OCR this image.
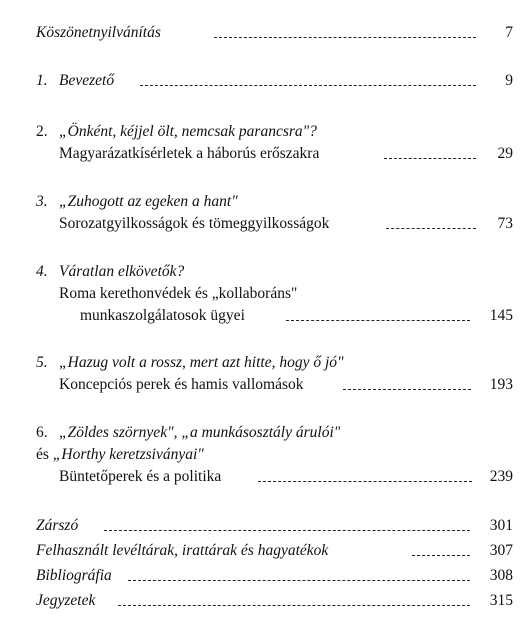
Köszönetnyilvánítás	7
1. Bevezető	9
2. „Önként, kéjjel ölt, nemcsak parancsra"?
Magyarázatkísérletek a háborús erőszakra	29
3. „Zuhogott az egeken a hant"
Sorozatgyilkosságok és tömeggyilkosságok	73
4. Váratlan elkövetők?
Roma kerethonvédek és „kollaboráns"
munkaszolgálatosok ügyei	145
5. „Hazug volt a rossz, mert azt hitte, hogy ő jó"
Koncepciós perek és hamis vallomások	193
6. „Zöldes szörnyek", „a munkásosztály árulói"
és „Horthy keretzsiványai"
Büntetőperek és a politika	239
Zárszó	301
Felhasznált levéltárak, irattárak és hagyatékok	307
Bibliográfia	308
Jegyzetek	315
